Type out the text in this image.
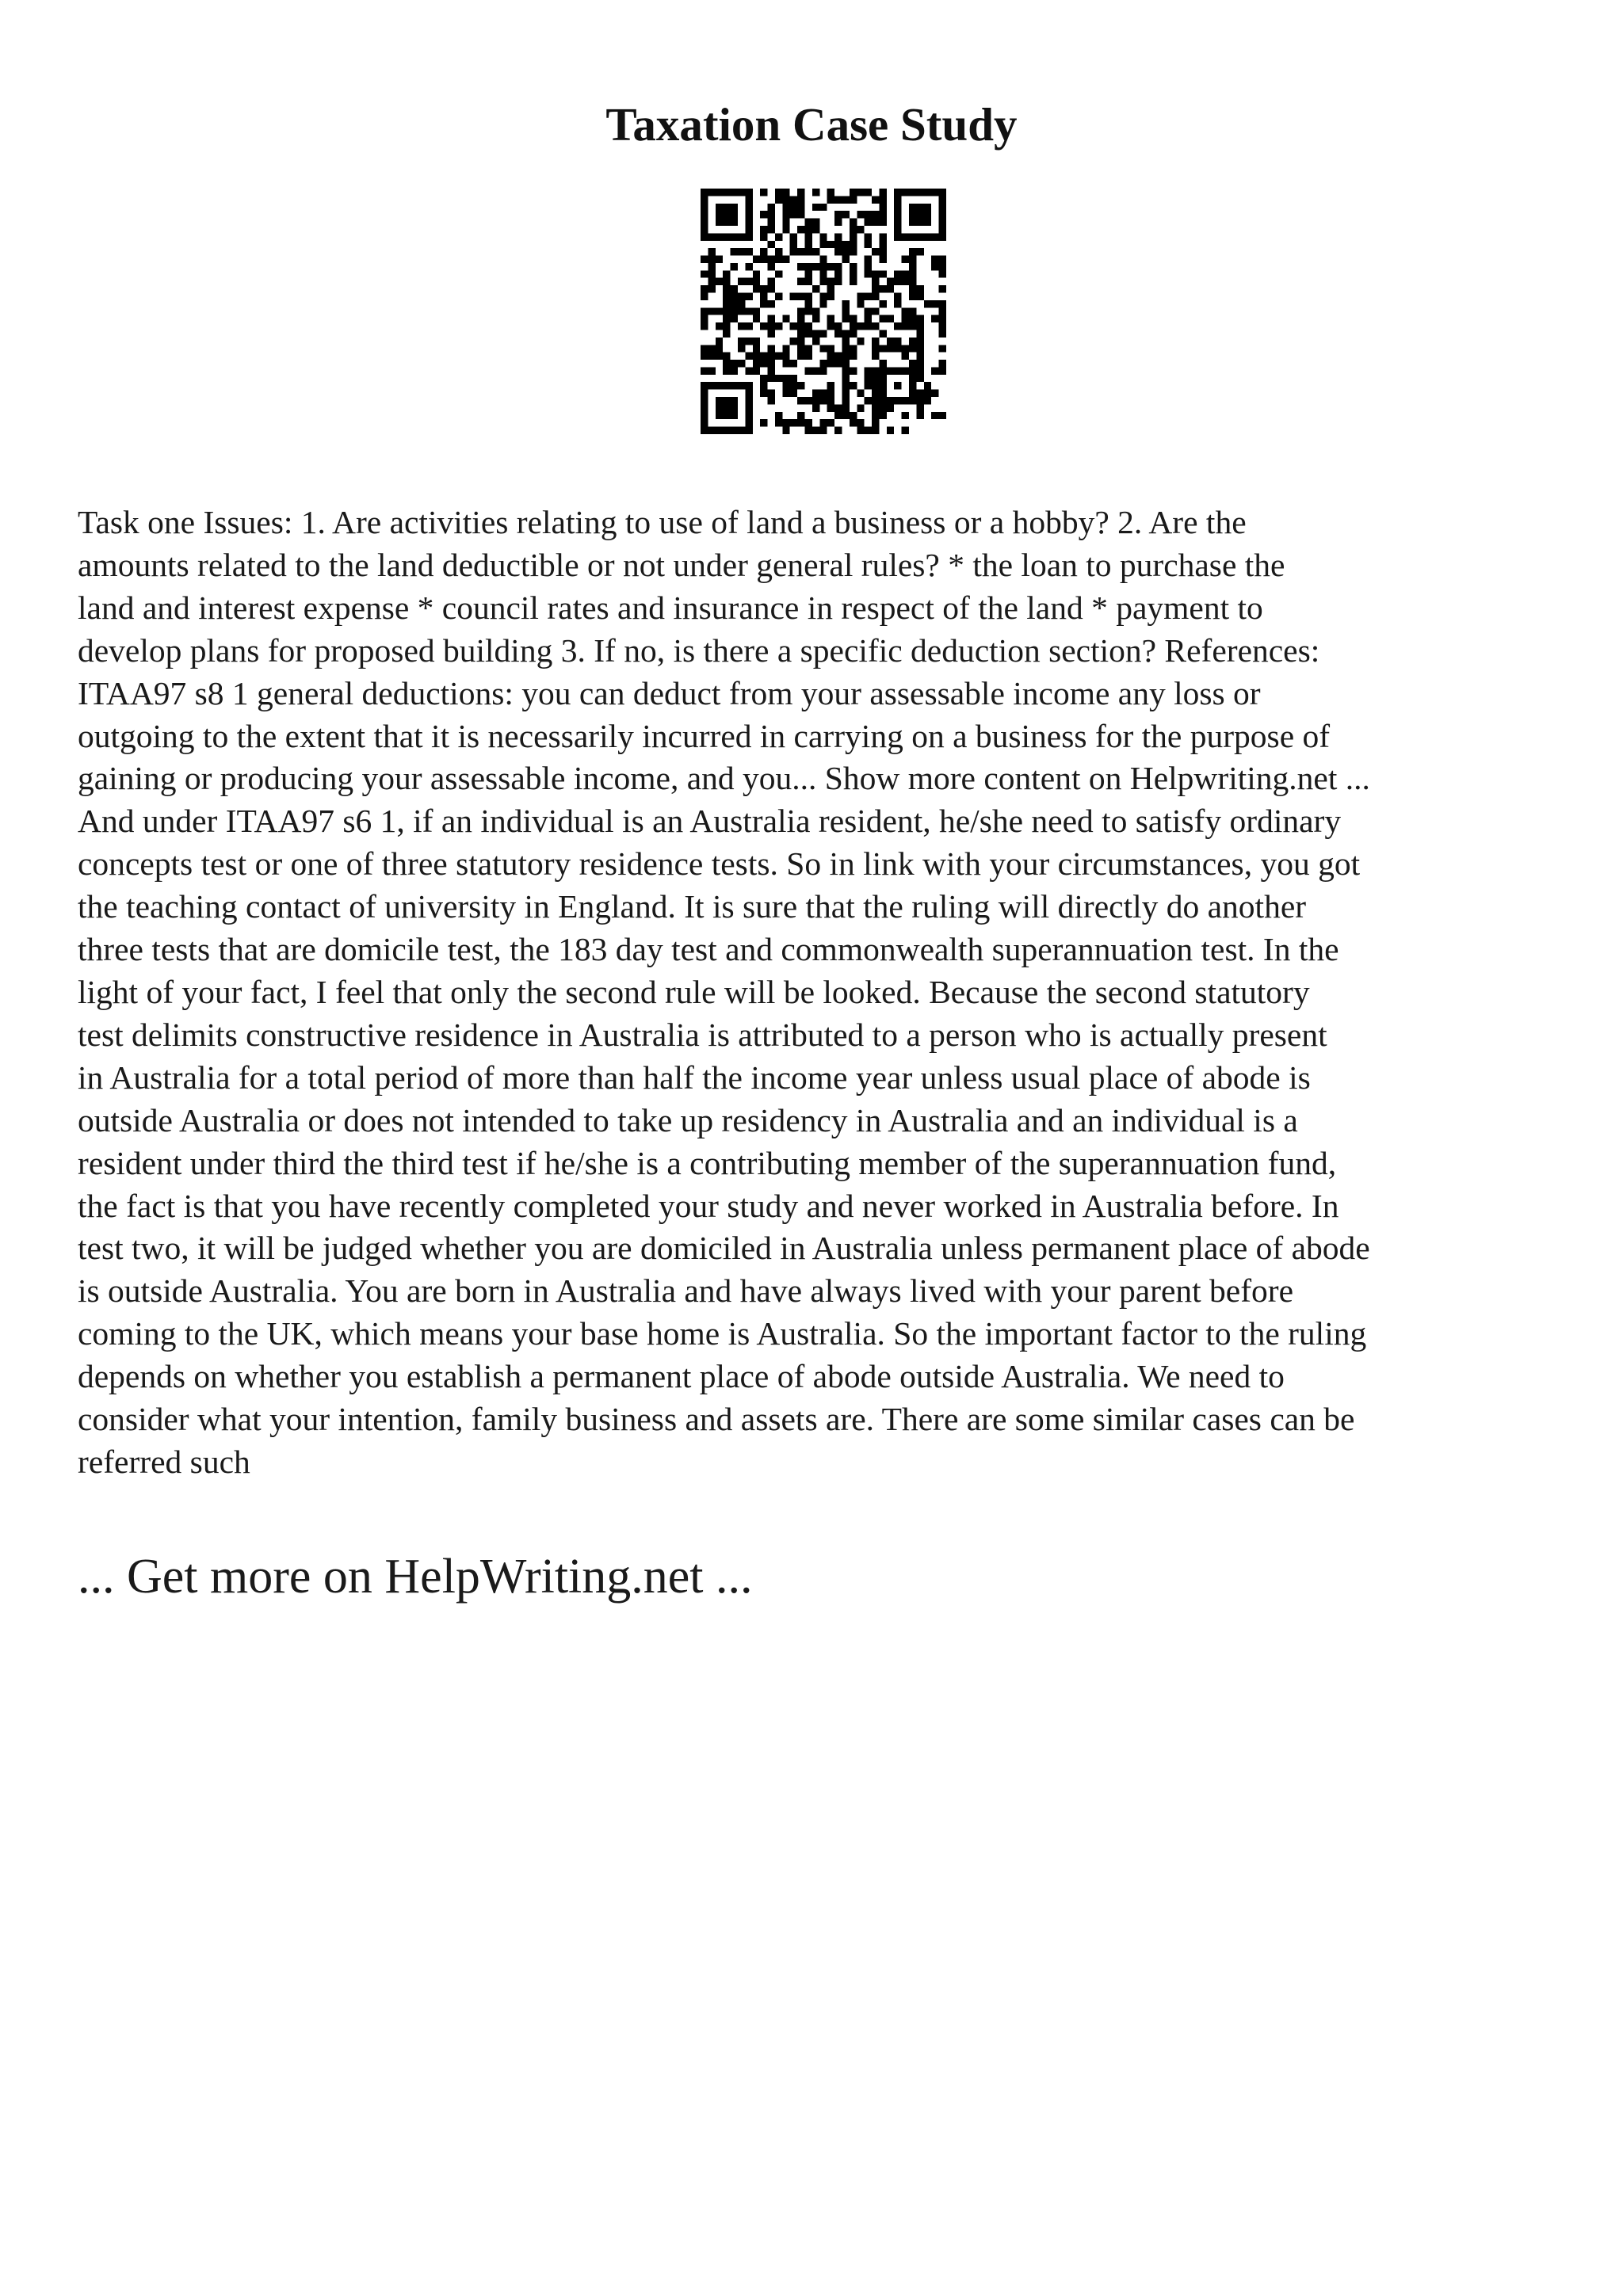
Taxation Case Study
Task one Issues: 1. Are activities relating to use of land a business or a hobby? 2. Are the
amounts related to the land deductible or not under general rules? * the loan to purchase the
land and interest expense * council rates and insurance in respect of the land * payment to
develop plans for proposed building 3. If no, is there a specific deduction section? References:
ITAA97 s8 1 general deductions: you can deduct from your assessable income any loss or
outgoing to the extent that it is necessarily incurred in carrying on a business for the purpose of
gaining or producing your assessable income, and you... Show more content on Helpwriting.net ...
And under ITAA97 s6 1, if an individual is an Australia resident, he/she need to satisfy ordinary
concepts test or one of three statutory residence tests. So in link with your circumstances, you got
the teaching contact of university in England. It is sure that the ruling will directly do another
three tests that are domicile test, the 183 day test and commonwealth superannuation test. In the
light of your fact, I feel that only the second rule will be looked. Because the second statutory
test delimits constructive residence in Australia is attributed to a person who is actually present
in Australia for a total period of more than half the income year unless usual place of abode is
outside Australia or does not intended to take up residency in Australia and an individual is a
resident under third the third test if he/she is a contributing member of the superannuation fund,
the fact is that you have recently completed your study and never worked in Australia before. In
test two, it will be judged whether you are domiciled in Australia unless permanent place of abode
is outside Australia. You are born in Australia and have always lived with your parent before
coming to the UK, which means your base home is Australia. So the important factor to the ruling
depends on whether you establish a permanent place of abode outside Australia. We need to
consider what your intention, family business and assets are. There are some similar cases can be
referred such

... Get more on HelpWriting.net ...
